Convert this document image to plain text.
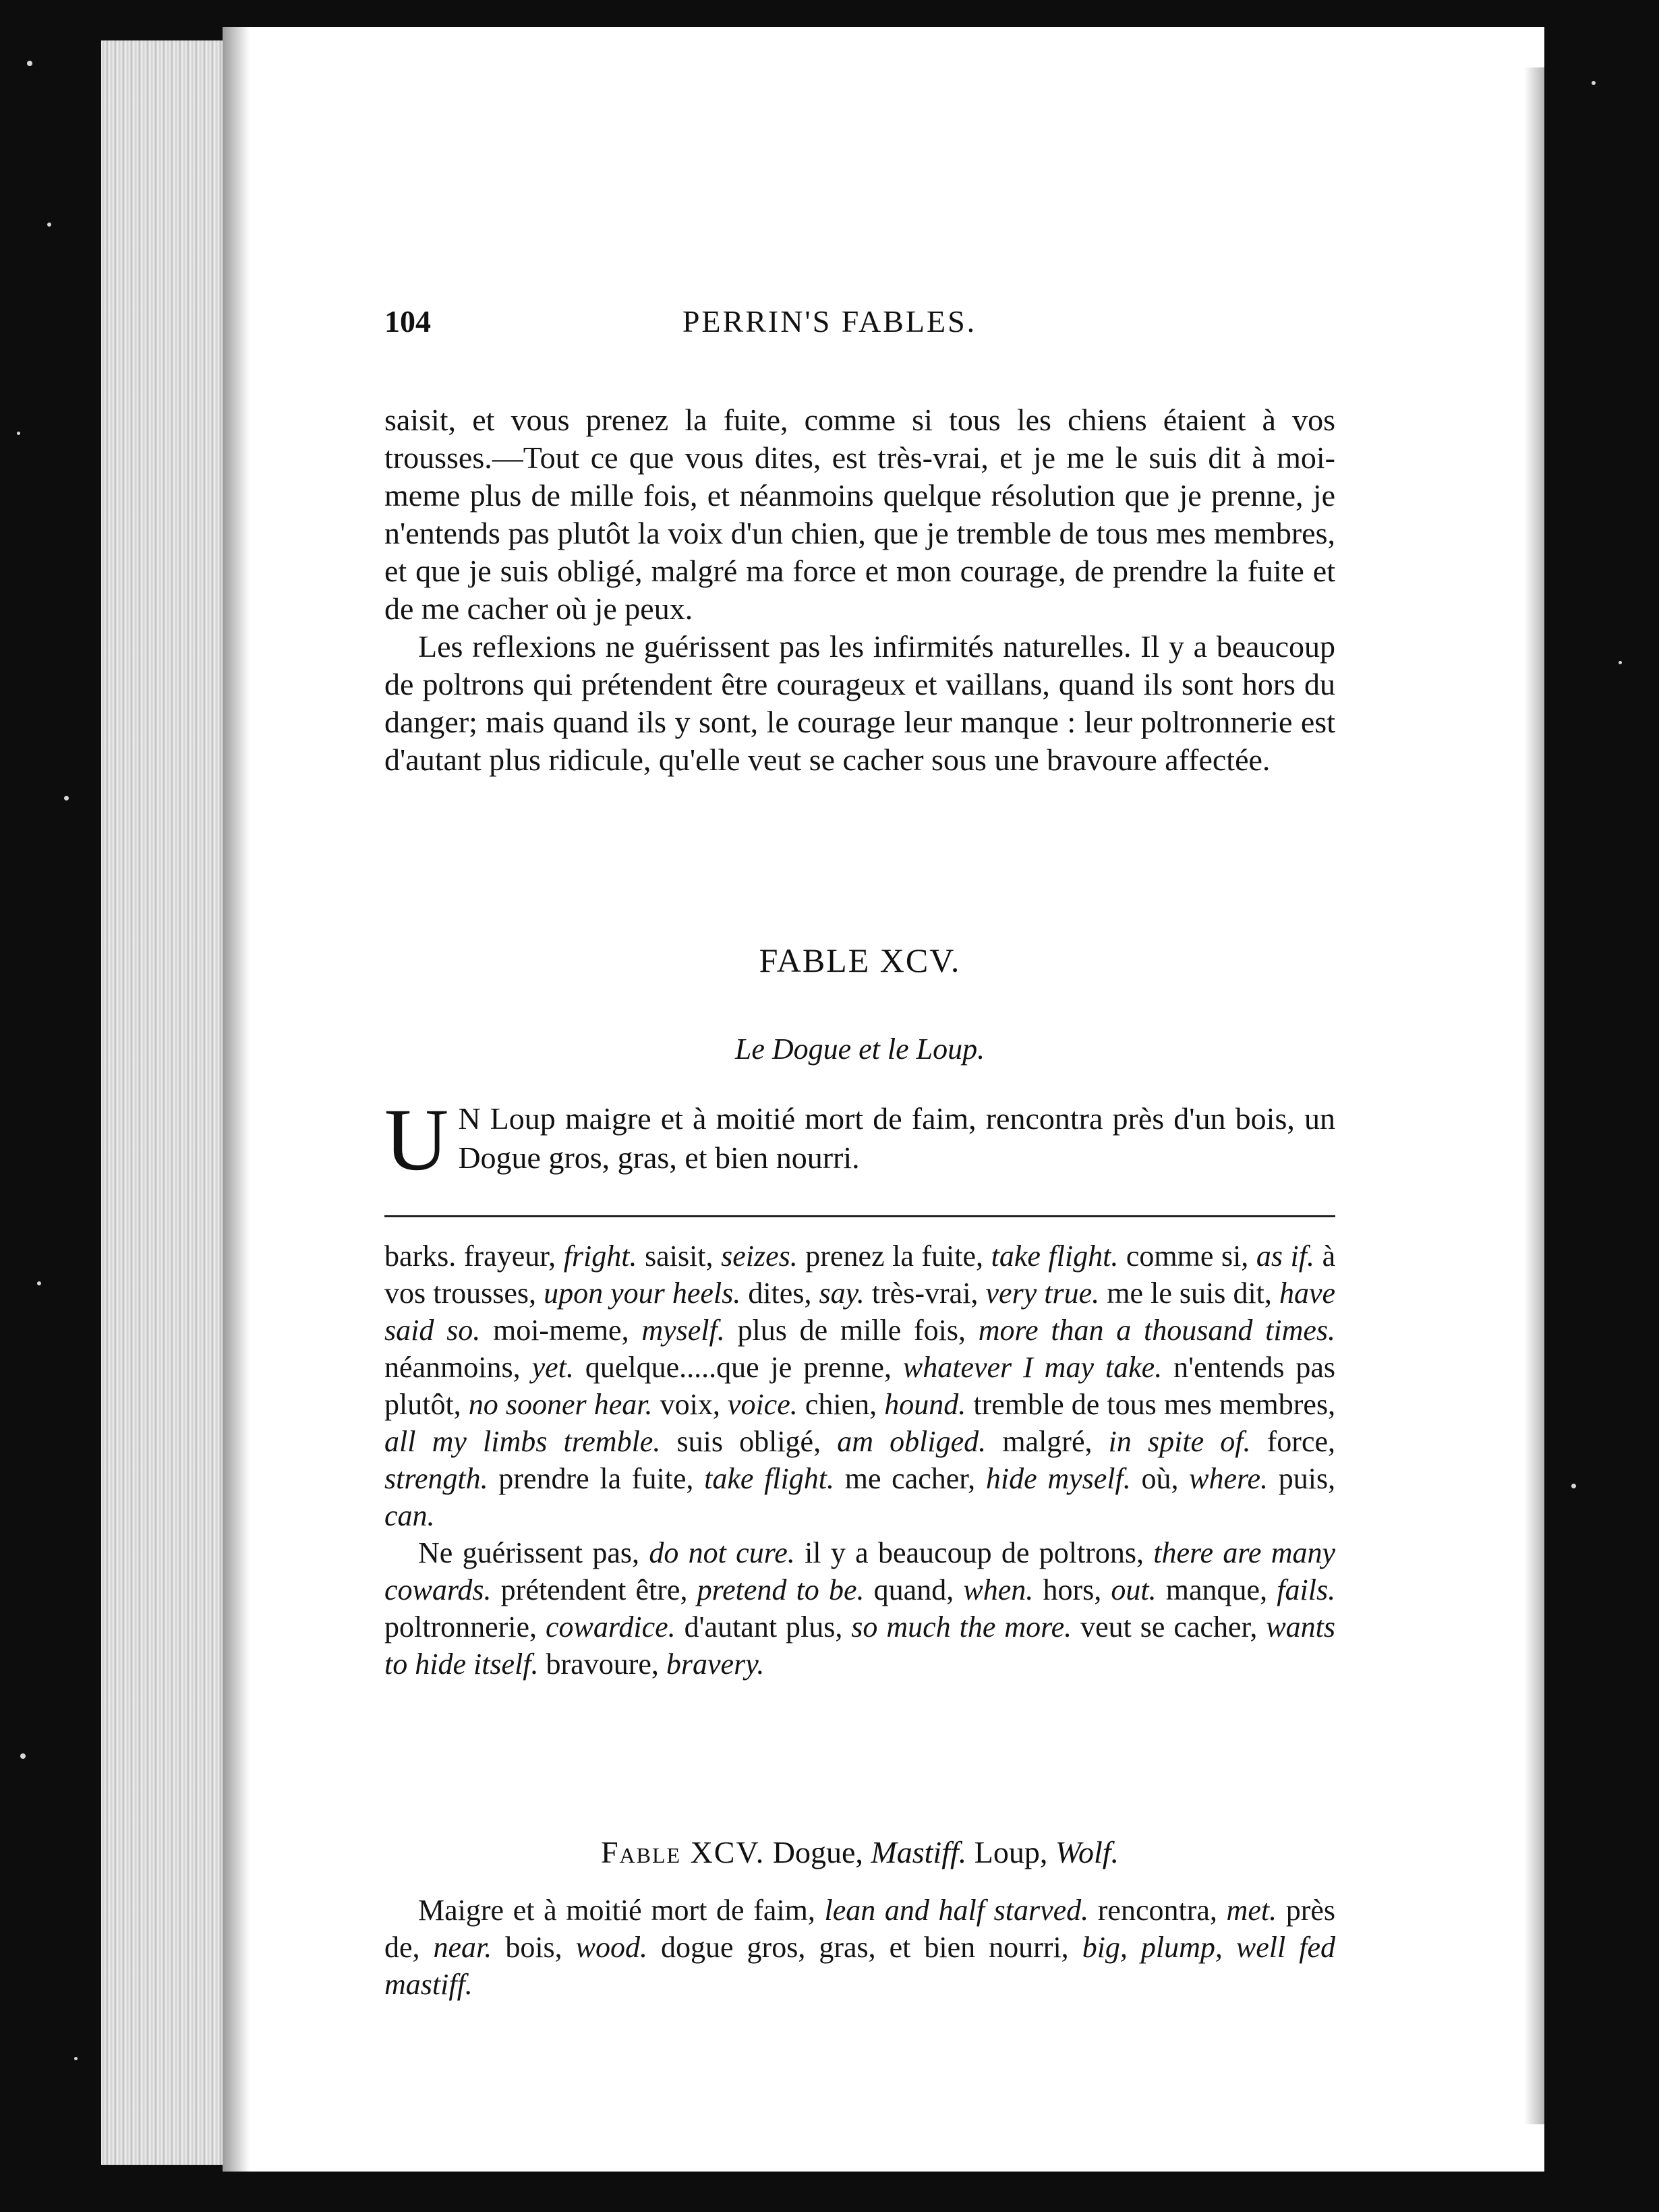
104	PERRIN'S FABLES.

saisit, et vous prenez la fuite, comme si tous les chiens étaient à vos trousses.—Tout ce que vous dites, est très-vrai, et je me le suis dit à moi-meme plus de mille fois, et néanmoins quelque résolution que je prenne, je n'entends pas plutôt la voix d'un chien, que je tremble de tous mes membres, et que je suis obligé, malgré ma force et mon courage, de prendre la fuite et de me cacher où je peux.

Les reflexions ne guérissent pas les infirmités naturelles. Il y a beaucoup de poltrons qui prétendent être courageux et vaillans, quand ils sont hors du danger; mais quand ils y sont, le courage leur manque : leur poltronnerie est d'autant plus ridicule, qu'elle veut se cacher sous une bravoure affectée.

FABLE XCV.
Le Dogue et le Loup.
U N Loup maigre et à moitié mort de faim, rencontra près d'un bois, un Dogue gros, gras, et bien nourri.

barks. frayeur, fright. saisit, seizes. prenez la fuite, take flight. comme si, as if. à vos trousses, upon your heels. dites, say. très-vrai, very true. me le suis dit, have said so. moi-meme, myself. plus de mille fois, more than a thousand times. néanmoins, yet. quelque.....que je prenne, whatever I may take. n'entends pas plutôt, no sooner hear. voix, voice. chien, hound. tremble de tous mes membres, all my limbs tremble. suis obligé, am obliged. malgré, in spite of. force, strength. prendre la fuite, take flight. me cacher, hide myself. où, where. puis, can.

Ne guérissent pas, do not cure. il y a beaucoup de poltrons, there are many cowards. prétendent être, pretend to be. quand, when. hors, out. manque, fails. poltronnerie, cowardice. d'autant plus, so much the more. veut se cacher, wants to hide itself. bravoure, bravery.

Fable XCV. Dogue, Mastiff. Loup, Wolf.

Maigre et à moitié mort de faim, lean and half starved. rencontra, met. près de, near. bois, wood. dogue gros, gras, et bien nourri, big, plump, well fed mastiff.
